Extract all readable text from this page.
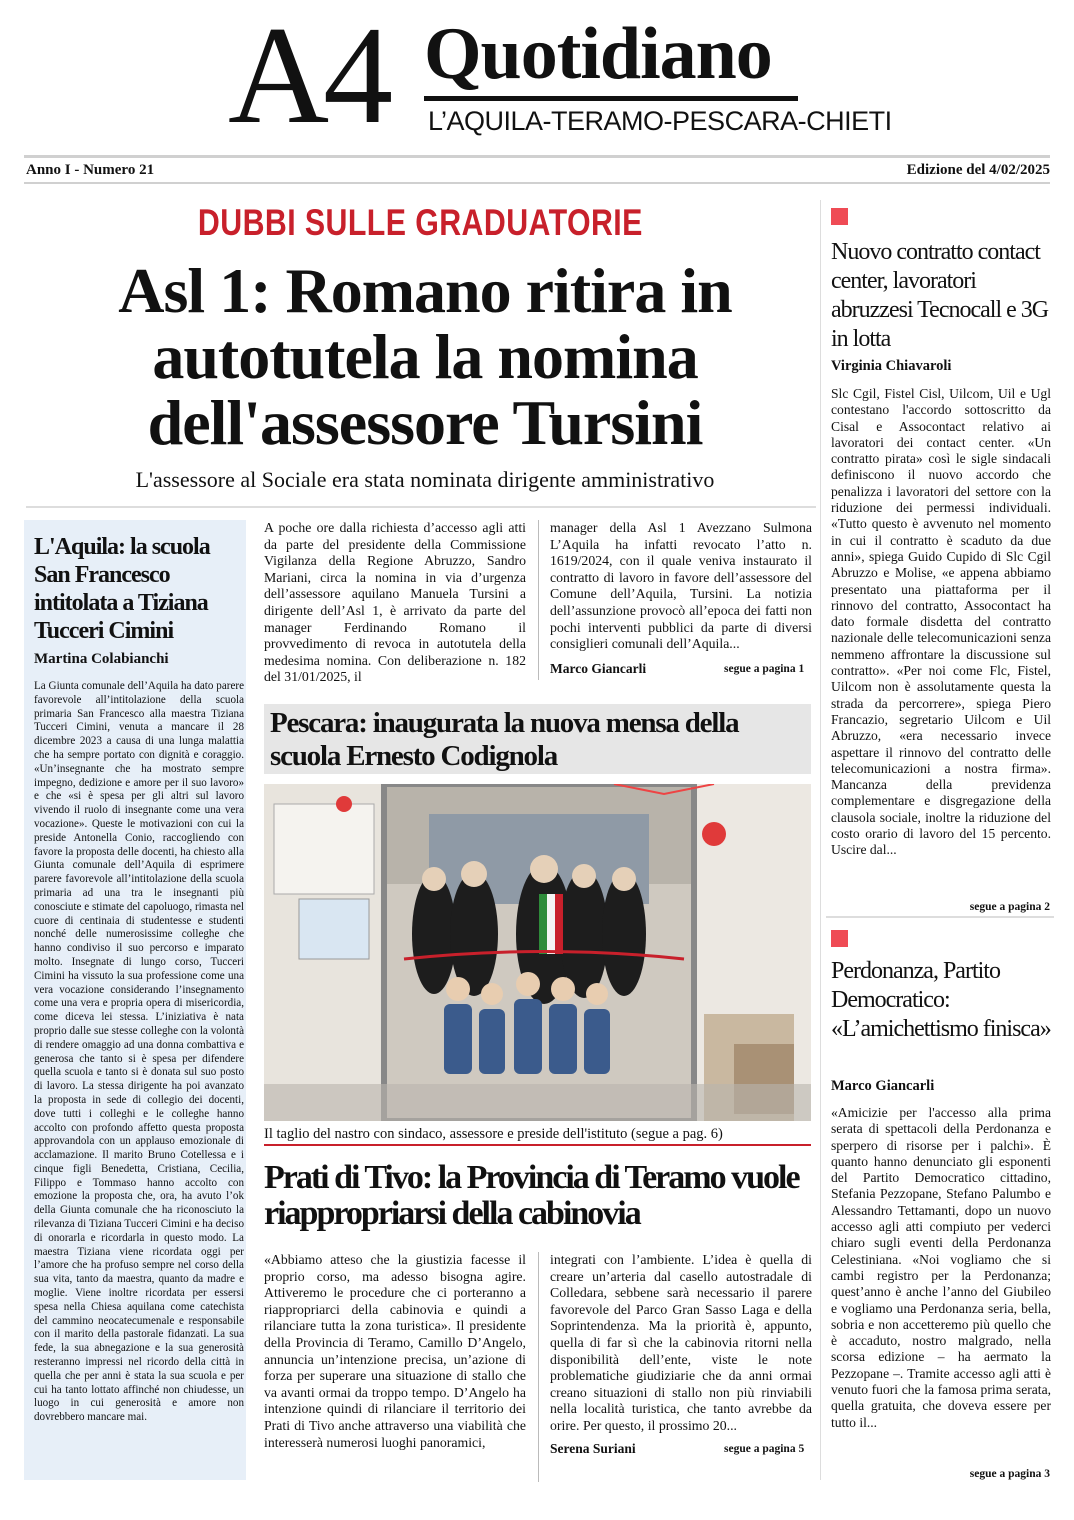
A4 Quotidiano
L’AQUILA-TERAMO-PESCARA-CHIETI
Anno I - Numero 21	Edizione del 4/02/2025
DUBBI SULLE GRADUATORIE
Asl 1: Romano ritira in autotutela la nomina dell'assessore Tursini
L'assessore al Sociale era stata nominata dirigente amministrativo
L'Aquila: la scuola San Francesco intitolata a Tiziana Tucceri Cimini
Martina Colabianchi
La Giunta comunale dell’Aquila ha dato parere favorevole all’intitolazione della scuola primaria San Francesco alla maestra Tiziana Tucceri Cimini, venuta a mancare il 28 dicembre 2023 a causa di una lunga malattia che ha sempre portato con dignità e coraggio. «Un’insegnante che ha mostrato sempre impegno, dedizione e amore per il suo lavoro» e che «si è spesa per gli altri sul lavoro vivendo il ruolo di insegnante come una vera vocazione». Queste le motivazioni con cui la preside Antonella Conio, raccogliendo con favore la proposta delle docenti, ha chiesto alla Giunta comunale dell’Aquila di esprimere parere favorevole all’intitolazione della scuola primaria ad una tra le insegnanti più conosciute e stimate del capoluogo, rimasta nel cuore di centinaia di studentesse e studenti nonché delle numerosissime colleghe che hanno condiviso il suo percorso e imparato molto. Insegnate di lungo corso, Tucceri Cimini ha vissuto la sua professione come una vera vocazione considerando l’insegnamento come una vera e propria opera di misericordia, come diceva lei stessa. L’iniziativa è nata proprio dalle sue stesse colleghe con la volontà di rendere omaggio ad una donna combattiva e generosa che tanto si è spesa per difendere quella scuola e tanto si è donata sul suo posto di lavoro. La stessa dirigente ha poi avanzato la proposta in sede di collegio dei docenti, dove tutti i colleghi e le colleghe hanno accolto con profondo affetto questa proposta approvandola con un applauso emozionale di acclamazione. Il marito Bruno Cotellessa e i cinque figli Benedetta, Cristiana, Cecilia, Filippo e Tommaso hanno accolto con emozione la proposta che, ora, ha avuto l’ok della Giunta comunale che ha riconosciuto la rilevanza di Tiziana Tucceri Cimini e ha deciso di onorarla e ricordarla in questo modo. La maestra Tiziana viene ricordata oggi per l’amore che ha profuso sempre nel corso della sua vita, tanto da maestra, quanto da madre e moglie. Viene inoltre ricordata per essersi spesa nella Chiesa aquilana come catechista del cammino neocatecumenale e responsabile con il marito della pastorale fidanzati. La sua fede, la sua abnegazione e la sua generosità resteranno impressi nel ricordo della città in quella che per anni è stata la sua scuola e per cui ha tanto lottato affinché non chiudesse, un luogo in cui generosità e amore non dovrebbero mancare mai.
A poche ore dalla richiesta d’accesso agli atti da parte del presidente della Commissione Vigilanza della Regione Abruzzo, Sandro Mariani, circa la nomina in via d’urgenza dell’assessore aquilano Manuela Tursini a dirigente dell’Asl 1, è arrivato da parte del manager Ferdinando Romano il provvedimento di revoca in autotutela della medesima nomina. Con deliberazione n. 182 del 31/01/2025, il
manager della Asl 1 Avezzano Sulmona L’Aquila ha infatti revocato l’atto n. 1619/2024, con il quale veniva instaurato il contratto di lavoro in favore dell’assessore del Comune dell’Aquila, Tursini. La notizia dell’assunzione provocò all’epoca dei fatti non pochi interventi pubblici da parte di diversi consiglieri comunali dell’Aquila...
Marco Giancarli	segue a pagina 1
Pescara: inaugurata la nuova mensa della scuola Ernesto Codignola
Il taglio del nastro con sindaco, assessore e preside dell'istituto (segue a pag. 6)
Prati di Tivo: la Provincia di Teramo vuole riappropriarsi della cabinovia
«Abbiamo atteso che la giustizia facesse il proprio corso, ma adesso bisogna agire. Attiveremo le procedure che ci porteranno a riappropriarci della cabinovia e quindi a rilanciare tutta la zona turistica». Il presidente della Provincia di Teramo, Camillo D’Angelo, annuncia un’intenzione precisa, un’azione di forza per superare una situazione di stallo che va avanti ormai da troppo tempo. D’Angelo ha intenzione quindi di rilanciare il territorio dei Prati di Tivo anche attraverso una viabilità che interesserà numerosi luoghi panoramici,
integrati con l’ambiente. L’idea è quella di creare un’arteria dal casello autostradale di Colledara, sebbene sarà necessario il parere favorevole del Parco Gran Sasso Laga e della Soprintendenza. Ma la priorità è, appunto, quella di far sì che la cabinovia ritorni nella disponibilità dell’ente, viste le note problematiche giudiziarie che da anni ormai creano situazioni di stallo non più rinviabili nella località turistica, che tanto avrebbe da orire. Per questo, il prossimo 20...
Serena Suriani	segue a pagina 5
Nuovo contratto contact center, lavoratori abruzzesi Tecnocall e 3G in lotta
Virginia Chiavaroli
Slc Cgil, Fistel Cisl, Uilcom, Uil e Ugl contestano l'accordo sottoscritto da Cisal e Assocontact relativo ai lavoratori dei contact center. «Un contratto pirata» così le sigle sindacali definiscono il nuovo accordo che penalizza i lavoratori del settore con la riduzione dei permessi individuali. «Tutto questo è avvenuto nel momento in cui il contratto è scaduto da due anni», spiega Guido Cupido di Slc Cgil Abruzzo e Molise, «e appena abbiamo presentato una piattaforma per il rinnovo del contratto, Assocontact ha dato formale disdetta del contratto nazionale delle telecomunicazioni senza nemmeno affrontare la discussione sul contratto». «Per noi come Flc, Fistel, Uilcom non è assolutamente questa la strada da percorrere», spiega Piero Francazio, segretario Uilcom e Uil Abruzzo, «era necessario invece aspettare il rinnovo del contratto delle telecomunicazioni a nostra firma». Mancanza della previdenza complementare e disgregazione della clausola sociale, inoltre la riduzione del costo orario di lavoro del 15 percento. Uscire dal...
segue a pagina 2
Perdonanza, Partito Democratico: «L’amichettismo finisca»
Marco Giancarli
«Amicizie per l'accesso alla prima serata di spettacoli della Perdonanza e sperpero di risorse per i palchi». È quanto hanno denunciato gli esponenti del Partito Democratico cittadino, Stefania Pezzopane, Stefano Palumbo e Alessandro Tettamanti, dopo un nuovo accesso agli atti compiuto per vederci chiaro sugli eventi della Perdonanza Celestiniana. «Noi vogliamo che si cambi registro per la Perdonanza; quest’anno è anche l’anno del Giubileo e vogliamo una Perdonanza seria, bella, sobria e non accetteremo più quello che è accaduto, nostro malgrado, nella scorsa edizione – ha aermato la Pezzopane –. Tramite accesso agli atti è venuto fuori che la famosa prima serata, quella gratuita, che doveva essere per tutto il...
segue a pagina 3
